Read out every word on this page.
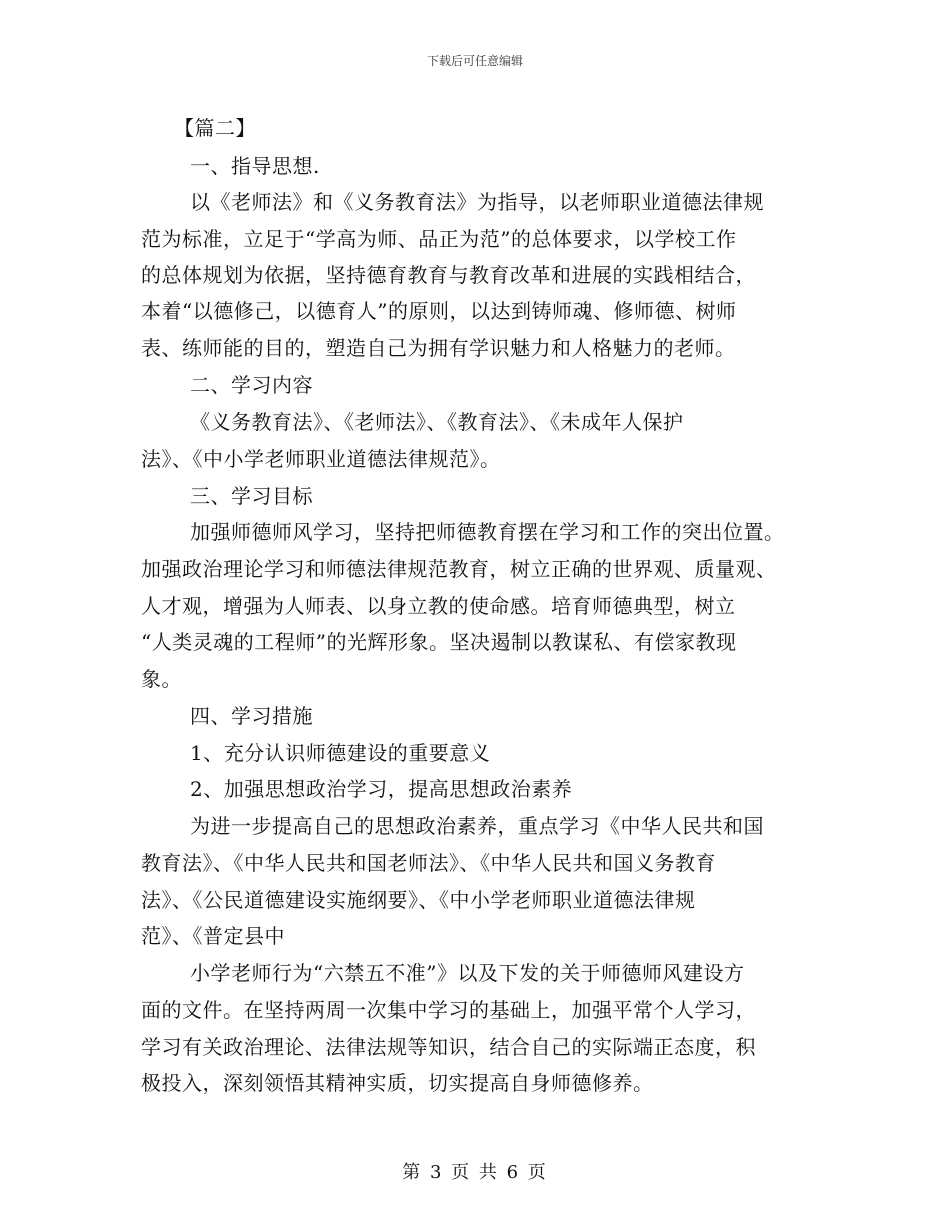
下载后可任意编辑
【篇二】
一、指导思想.
以《老师法》和《义务教育法》为指导，以老师职业道德法律规
范为标准，立足于“学高为师、品正为范”的总体要求，以学校工作
的总体规划为依据，坚持德育教育与教育改革和进展的实践相结合，
本着“以德修己，以德育人”的原则，以达到铸师魂、修师德、树师
表、练师能的目的，塑造自己为拥有学识魅力和人格魅力的老师。
二、学习内容
《义务教育法》、《老师法》、《教育法》、《未成年人保护
法》、《中小学老师职业道德法律规范》。
三、学习目标
加强师德师风学习，坚持把师德教育摆在学习和工作的突出位置。
加强政治理论学习和师德法律规范教育，树立正确的世界观、质量观、
人才观，增强为人师表、以身立教的使命感。培育师德典型，树立
“人类灵魂的工程师”的光辉形象。坚决遏制以教谋私、有偿家教现
象。
四、学习措施
1、充分认识师德建设的重要意义
2、加强思想政治学习，提高思想政治素养
为进一步提高自己的思想政治素养，重点学习《中华人民共和国
教育法》、《中华人民共和国老师法》、《中华人民共和国义务教育
法》、《公民道德建设实施纲要》、《中小学老师职业道德法律规
范》、《普定县中
小学老师行为“六禁五不准”》以及下发的关于师德师风建设方
面的文件。在坚持两周一次集中学习的基础上，加强平常个人学习，
学习有关政治理论、法律法规等知识，结合自己的实际端正态度，积
极投入，深刻领悟其精神实质，切实提高自身师德修养。
第 3 页 共 6 页
